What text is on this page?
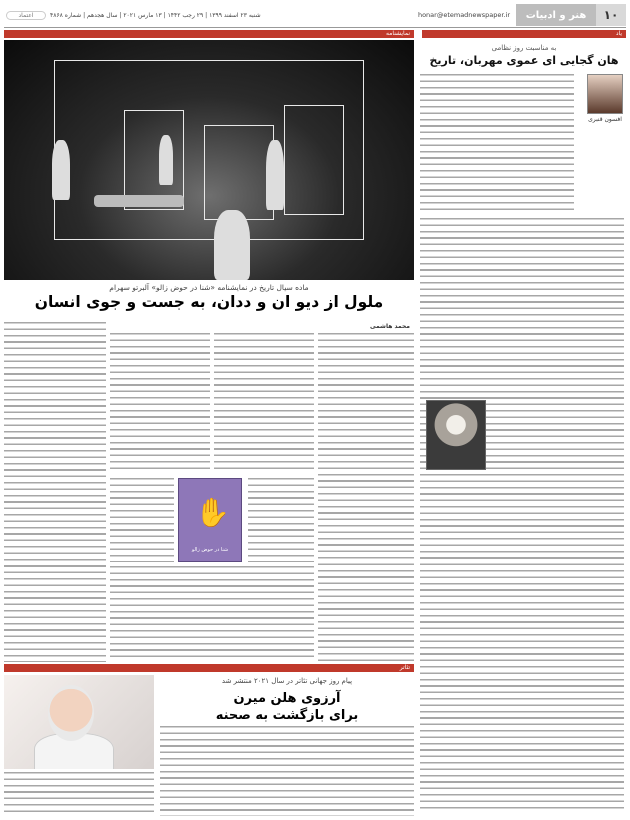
۱۰
هنر و ادبیات
honar@etemadnewspaper.ir
شنبه ۲۳ اسفند ۱۳۹۹ | ۲۹ رجب ۱۴۴۲ | ۱۳ مارس ۲۰۲۱ | سال هجدهم | شماره ۴۸۶۸
اعتماد
یاد
به مناسبت روز نظامی
هان گجایی ای عموی مهربان، تاریخ
افسون قنبری
نمایشنامه
ماده سیال تاریخ در نمایشنامه «شنا در حوض زالو» آلبرتو سهرام
ملول از دیو ان و ددان، به جست و جوی انسان
محمد هاشمی
✋
شنا در حوض زالو
تئاتر
پیام روز جهانی تئاتر در سال ۲۰۲۱ منتشر شد
آرزوی هلن میرن
برای بازگشت به صحنه
